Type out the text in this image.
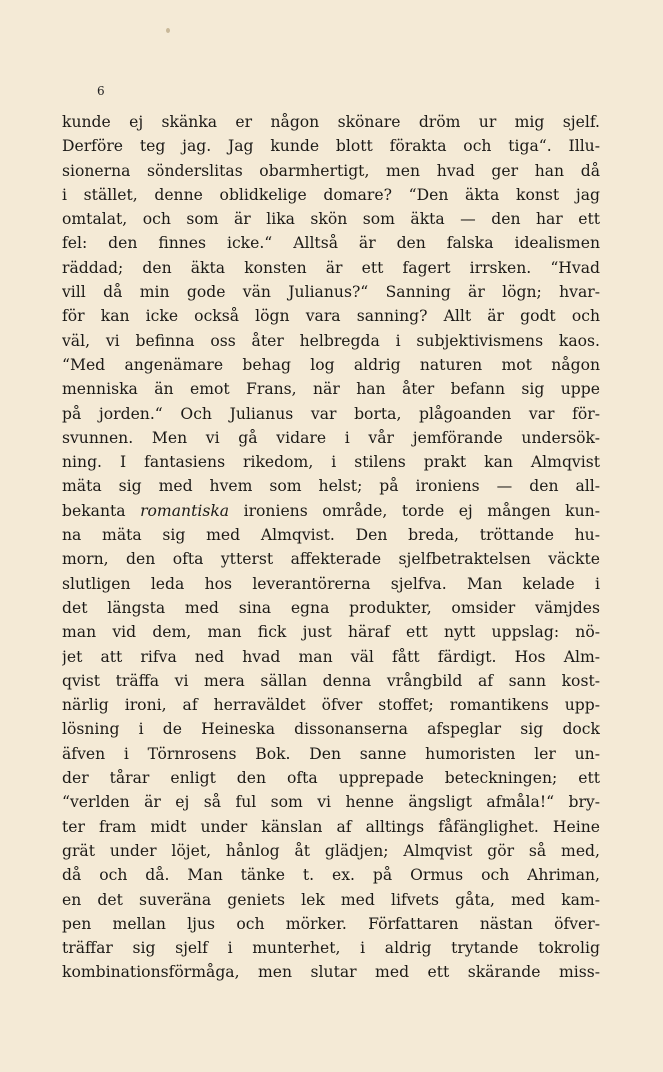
6
kunde ej skänka er någon skönare dröm ur mig sjelf.
Derföre teg jag. Jag kunde blott förakta och tiga“. Illu-
sionerna sönderslitas obarmhertigt, men hvad ger han då
i stället, denne oblidkelige domare? “Den äkta konst jag
omtalat, och som är lika skön som äkta — den har ett
fel: den finnes icke.“ Alltså är den falska idealismen
räddad; den äkta konsten är ett fagert irrsken. “Hvad
vill då min gode vän Julianus?“ Sanning är lögn; hvar-
för kan icke också lögn vara sanning? Allt är godt och
väl, vi befinna oss åter helbregda i subjektivismens kaos.
“Med angenämare behag log aldrig naturen mot någon
menniska än emot Frans, när han åter befann sig uppe
på jorden.“ Och Julianus var borta, plågoanden var för-
svunnen. Men vi gå vidare i vår jemförande undersök-
ning. I fantasiens rikedom, i stilens prakt kan Almqvist
mäta sig med hvem som helst; på ironiens — den all-
bekanta romantiska ironiens område, torde ej mången kun-
na mäta sig med Almqvist. Den breda, tröttande hu-
morn, den ofta ytterst affekterade sjelfbetraktelsen väckte
slutligen leda hos leverantörerna sjelfva. Man kelade i
det längsta med sina egna produkter, omsider vämjdes
man vid dem, man fick just häraf ett nytt uppslag: nö-
jet att rifva ned hvad man väl fått färdigt. Hos Alm-
qvist träffa vi mera sällan denna vrångbild af sann kost-
närlig ironi, af herraväldet öfver stoffet; romantikens upp-
lösning i de Heineska dissonanserna afspeglar sig dock
äfven i Törnrosens Bok. Den sanne humoristen ler un-
der tårar enligt den ofta upprepade beteckningen; ett
“verlden är ej så ful som vi henne ängsligt afmåla!“ bry-
ter fram midt under känslan af alltings fåfänglighet. Heine
grät under löjet, hånlog åt glädjen; Almqvist gör så med,
då och då. Man tänke t. ex. på Ormus och Ahriman,
en det suveräna geniets lek med lifvets gåta, med kam-
pen mellan ljus och mörker. Författaren nästan öfver-
träffar sig sjelf i munterhet, i aldrig trytande tokrolig
kombinationsförmåga, men slutar med ett skärande miss-
